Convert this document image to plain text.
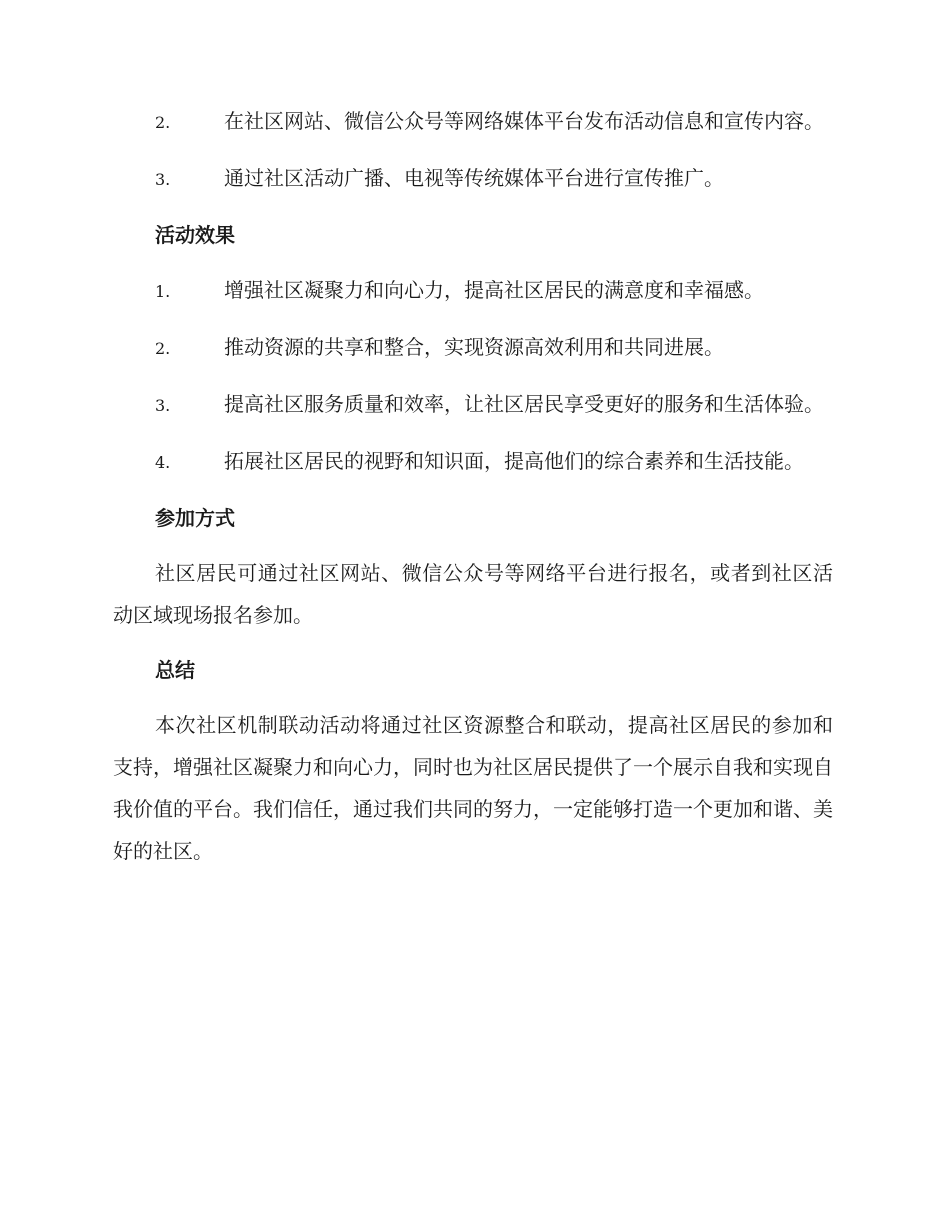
2.	在社区网站、微信公众号等网络媒体平台发布活动信息和宣传内容。
3.	通过社区活动广播、电视等传统媒体平台进行宣传推广。
活动效果
1.	增强社区凝聚力和向心力，提高社区居民的满意度和幸福感。
2.	推动资源的共享和整合，实现资源高效利用和共同进展。
3.	提高社区服务质量和效率，让社区居民享受更好的服务和生活体验。
4.	拓展社区居民的视野和知识面，提高他们的综合素养和生活技能。
参加方式
社区居民可通过社区网站、微信公众号等网络平台进行报名，或者到社区活动区域现场报名参加。
总结
本次社区机制联动活动将通过社区资源整合和联动，提高社区居民的参加和支持，增强社区凝聚力和向心力，同时也为社区居民提供了一个展示自我和实现自我价值的平台。我们信任，通过我们共同的努力，一定能够打造一个更加和谐、美好的社区。
